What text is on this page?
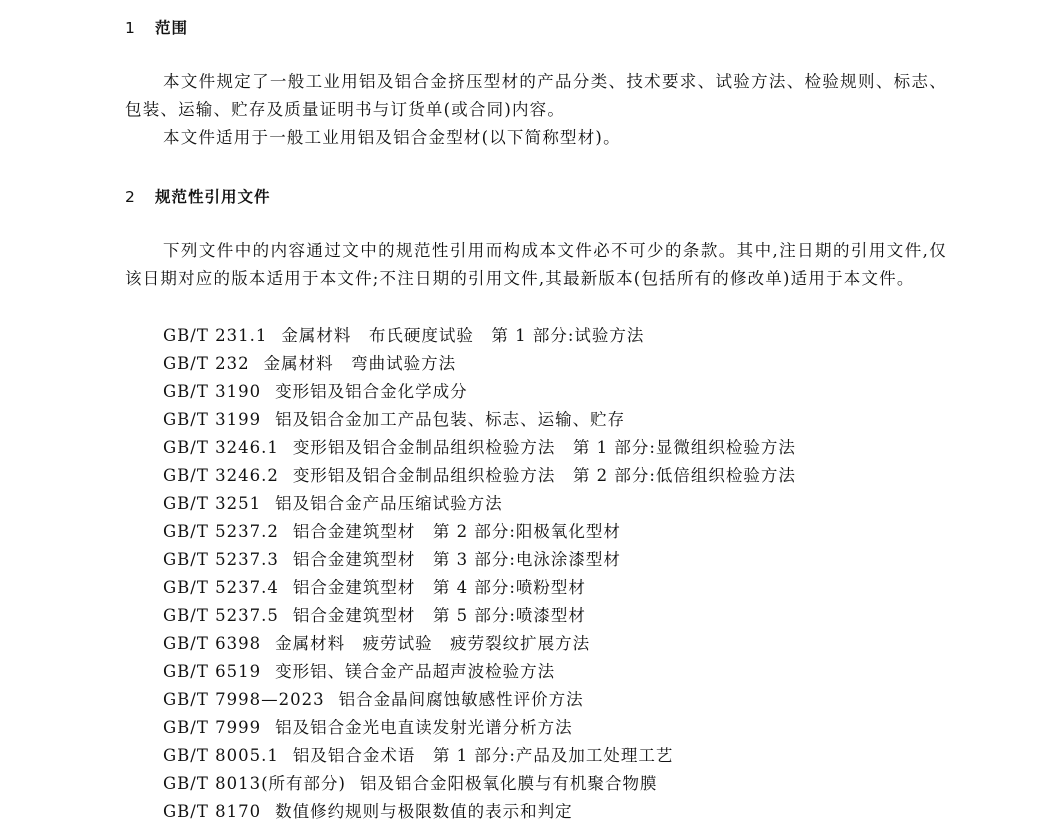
1 范围

本文件规定了一般工业用铝及铝合金挤压型材的产品分类、技术要求、试验方法、检验规则、标志、包装、运输、贮存及质量证明书与订货单(或合同)内容。

本文件适用于一般工业用铝及铝合金型材(以下简称型材)。

2 规范性引用文件

下列文件中的内容通过文中的规范性引用而构成本文件必不可少的条款。其中,注日期的引用文件,仅该日期对应的版本适用于本文件;不注日期的引用文件,其最新版本(包括所有的修改单)适用于本文件。

GB/T 231.1 金属材料　布氏硬度试验　第 1 部分:试验方法
GB/T 232 金属材料　弯曲试验方法
GB/T 3190 变形铝及铝合金化学成分
GB/T 3199 铝及铝合金加工产品包装、标志、运输、贮存
GB/T 3246.1 变形铝及铝合金制品组织检验方法　第 1 部分:显微组织检验方法
GB/T 3246.2 变形铝及铝合金制品组织检验方法　第 2 部分:低倍组织检验方法
GB/T 3251 铝及铝合金产品压缩试验方法
GB/T 5237.2 铝合金建筑型材　第 2 部分:阳极氧化型材
GB/T 5237.3 铝合金建筑型材　第 3 部分:电泳涂漆型材
GB/T 5237.4 铝合金建筑型材　第 4 部分:喷粉型材
GB/T 5237.5 铝合金建筑型材　第 5 部分:喷漆型材
GB/T 6398 金属材料　疲劳试验　疲劳裂纹扩展方法
GB/T 6519 变形铝、镁合金产品超声波检验方法
GB/T 7998—2023 铝合金晶间腐蚀敏感性评价方法
GB/T 7999 铝及铝合金光电直读发射光谱分析方法
GB/T 8005.1 铝及铝合金术语　第 1 部分:产品及加工处理工艺
GB/T 8013(所有部分) 铝及铝合金阳极氧化膜与有机聚合物膜
GB/T 8170 数值修约规则与极限数值的表示和判定
